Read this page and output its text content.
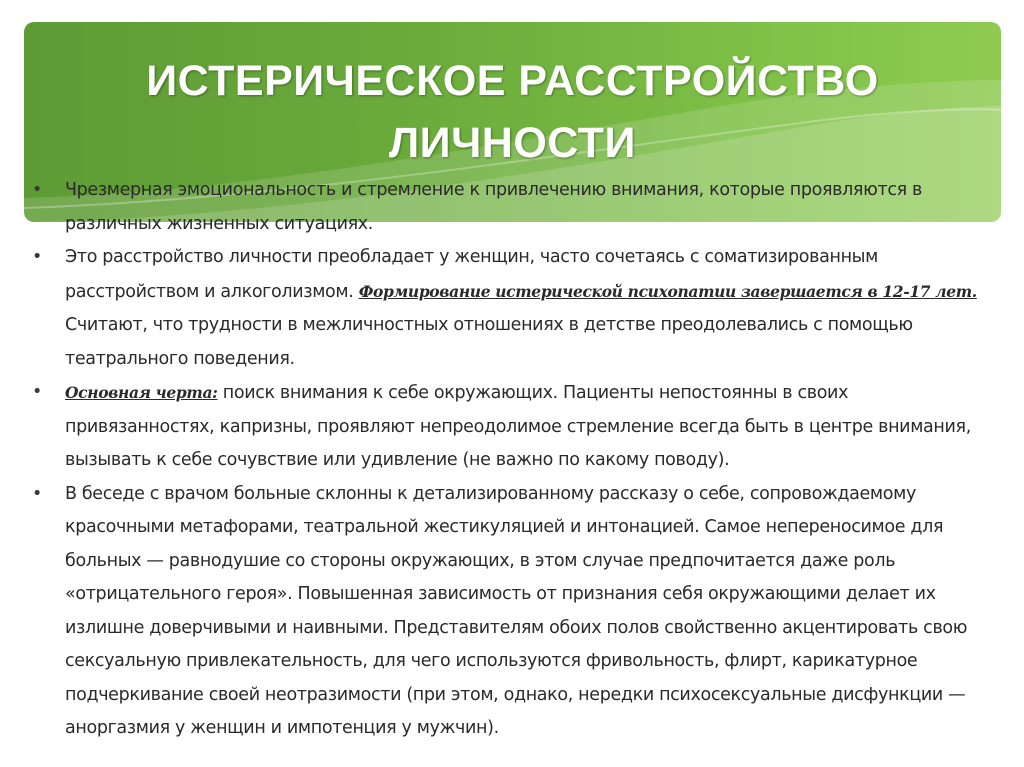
ИСТЕРИЧЕСКОЕ РАССТРОЙСТВО
ЛИЧНОСТИ
•	Чрезмерная эмоциональность и стремление к привлечению внимания, которые проявляются в различных жизненных ситуациях.
•	Это расстройство личности преобладает у женщин, часто сочетаясь с соматизированным расстройством и алкоголизмом. Формирование истерической психопатии завершается в 12-17 лет. Считают, что трудности в межличностных отношениях в детстве преодолевались с помощью театрального поведения.
•	Основная черта: поиск внимания к себе окружающих. Пациенты непостоянны в своих привязанностях, капризны, проявляют непреодолимое стремление всегда быть в центре внимания, вызывать к себе сочувствие или удивление (не важно по какому поводу).
•	В беседе с врачом больные склонны к детализированному рассказу о себе, сопровождаемому красочными метафорами, театральной жестикуляцией и интонацией. Самое непереносимое для больных — равнодушие со стороны окружающих, в этом случае предпочитается даже роль «отрицательного героя». Повышенная зависимость от признания себя окружающими делает их излишне доверчивыми и наивными. Представителям обоих полов свойственно акцентировать свою сексуальную привлекательность, для чего используются фривольность, флирт, карикатурное подчеркивание своей неотразимости (при этом, однако, нередки психосексуальные дисфункции — аноргазмия у женщин и импотенция у мужчин).
